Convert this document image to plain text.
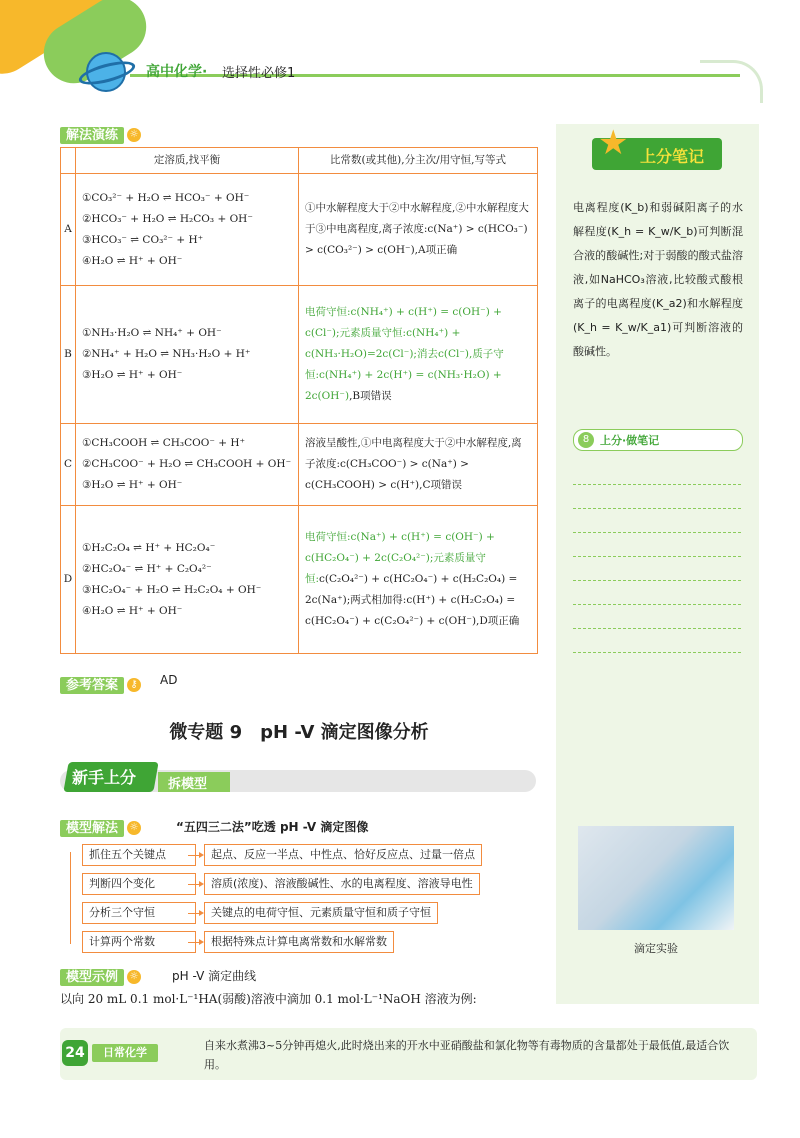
高中化学· 选择性必修1
解法演练 ☼
	定溶质,找平衡	比常数(或其他),分主次/用守恒,写等式
A	①CO₃²⁻ + H₂O ⇌ HCO₃⁻ + OH⁻
②HCO₃⁻ + H₂O ⇌ H₂CO₃ + OH⁻
③HCO₃⁻ ⇌ CO₃²⁻ + H⁺
④H₂O ⇌ H⁺ + OH⁻	①中水解程度大于②中水解程度,②中水解程度大于③中电离程度,离子浓度:c(Na⁺) > c(HCO₃⁻) > c(CO₃²⁻) > c(OH⁻),A项正确
B	①NH₃·H₂O ⇌ NH₄⁺ + OH⁻
②NH₄⁺ + H₂O ⇌ NH₃·H₂O + H⁺
③H₂O ⇌ H⁺ + OH⁻	电荷守恒:c(NH₄⁺) + c(H⁺) = c(OH⁻) + c(Cl⁻);元素质量守恒:c(NH₄⁺) + c(NH₃·H₂O)=2c(Cl⁻);消去c(Cl⁻),质子守恒:c(NH₄⁺) + 2c(H⁺) = c(NH₃·H₂O) + 2c(OH⁻),B项错误
C	①CH₃COOH ⇌ CH₃COO⁻ + H⁺
②CH₃COO⁻ + H₂O ⇌ CH₃COOH + OH⁻
③H₂O ⇌ H⁺ + OH⁻	溶液呈酸性,①中电离程度大于②中水解程度,离子浓度:c(CH₃COO⁻) > c(Na⁺) > c(CH₃COOH) > c(H⁺),C项错误
D	①H₂C₂O₄ ⇌ H⁺ + HC₂O₄⁻
②HC₂O₄⁻ ⇌ H⁺ + C₂O₄²⁻
③HC₂O₄⁻ + H₂O ⇌ H₂C₂O₄ + OH⁻
④H₂O ⇌ H⁺ + OH⁻	电荷守恒:c(Na⁺) + c(H⁺) = c(OH⁻) + c(HC₂O₄⁻) + 2c(C₂O₄²⁻);元素质量守恒:c(C₂O₄²⁻) + c(HC₂O₄⁻) + c(H₂C₂O₄) = 2c(Na⁺);两式相加得:c(H⁺) + c(H₂C₂O₄) = c(HC₂O₄⁻) + c(C₂O₄²⁻) + c(OH⁻),D项正确
参考答案 ⚷ AD
微专题 9　pH -V 滴定图像分析
新手上分 拆模型
模型解法 ☼	“五四三二法”吃透 pH -V 滴定图像
抓住五个关键点	起点、反应一半点、中性点、恰好反应点、过量一倍点
判断四个变化	溶质(浓度)、溶液酸碱性、水的电离程度、溶液导电性
分析三个守恒	关键点的电荷守恒、元素质量守恒和质子守恒
计算两个常数	根据特殊点计算电离常数和水解常数
模型示例 ☼	pH -V 滴定曲线
以向 20 mL 0.1 mol·L⁻¹HA(弱酸)溶液中滴加 0.1 mol·L⁻¹NaOH 溶液为例:
★ 上分笔记
电离程度(K_b)和弱碱阳离子的水解程度(K_h = K_w/K_b)可判断混合液的酸碱性;对于弱酸的酸式盐溶液,如NaHCO₃溶液,比较酸式酸根离子的电离程度(K_a2)和水解程度(K_h = K_w/K_a1)可判断溶液的酸碱性。
8 上分·做笔记
滴定实验
24	日常化学
自来水煮沸3~5分钟再熄火,此时烧出来的开水中亚硝酸盐和氯化物等有毒物质的含量都处于最低值,最适合饮用。
